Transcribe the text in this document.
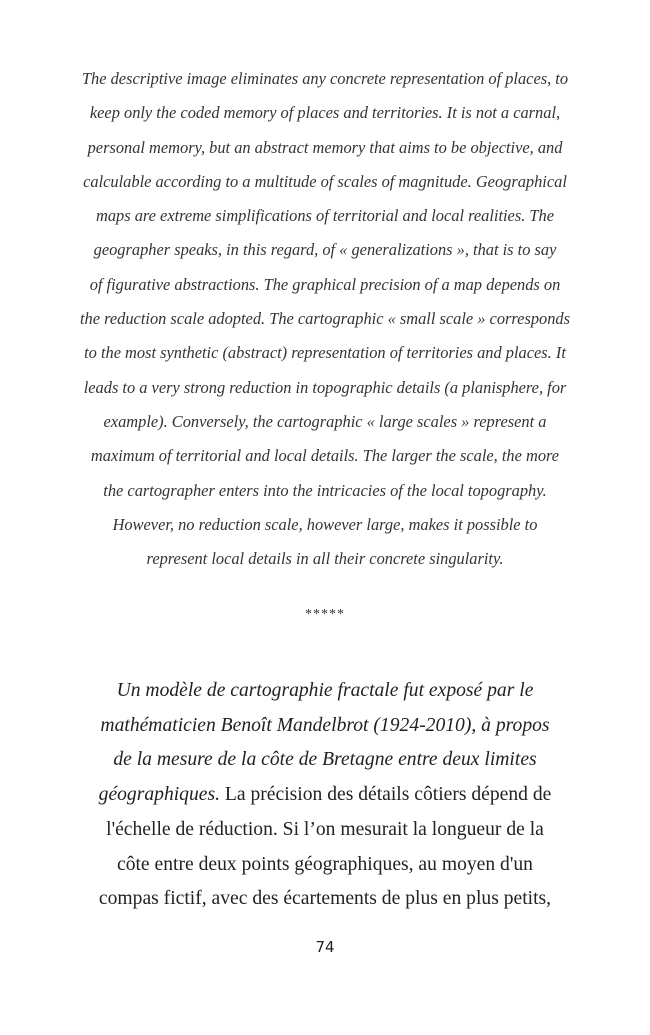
The descriptive image eliminates any concrete representation of places, to
keep only the coded memory of places and territories. It is not a carnal,
personal memory, but an abstract memory that aims to be objective, and
calculable according to a multitude of scales of magnitude. Geographical
maps are extreme simplifications of territorial and local realities. The
geographer speaks, in this regard, of « generalizations », that is to say
of figurative abstractions. The graphical precision of a map depends on
the reduction scale adopted. The cartographic « small scale » corresponds
to the most synthetic (abstract) representation of territories and places. It
leads to a very strong reduction in topographic details (a planisphere, for
example). Conversely, the cartographic « large scales » represent a
maximum of territorial and local details. The larger the scale, the more
the cartographer enters into the intricacies of the local topography.
However, no reduction scale, however large, makes it possible to
represent local details in all their concrete singularity.

*****

Un modèle de cartographie fractale fut exposé par le
mathématicien Benoît Mandelbrot (1924-2010), à propos
de la mesure de la côte de Bretagne entre deux limites
géographiques. La précision des détails côtiers dépend de
l'échelle de réduction. Si l’on mesurait la longueur de la
côte entre deux points géographiques, au moyen d'un
compas fictif, avec des écartements de plus en plus petits,

74
